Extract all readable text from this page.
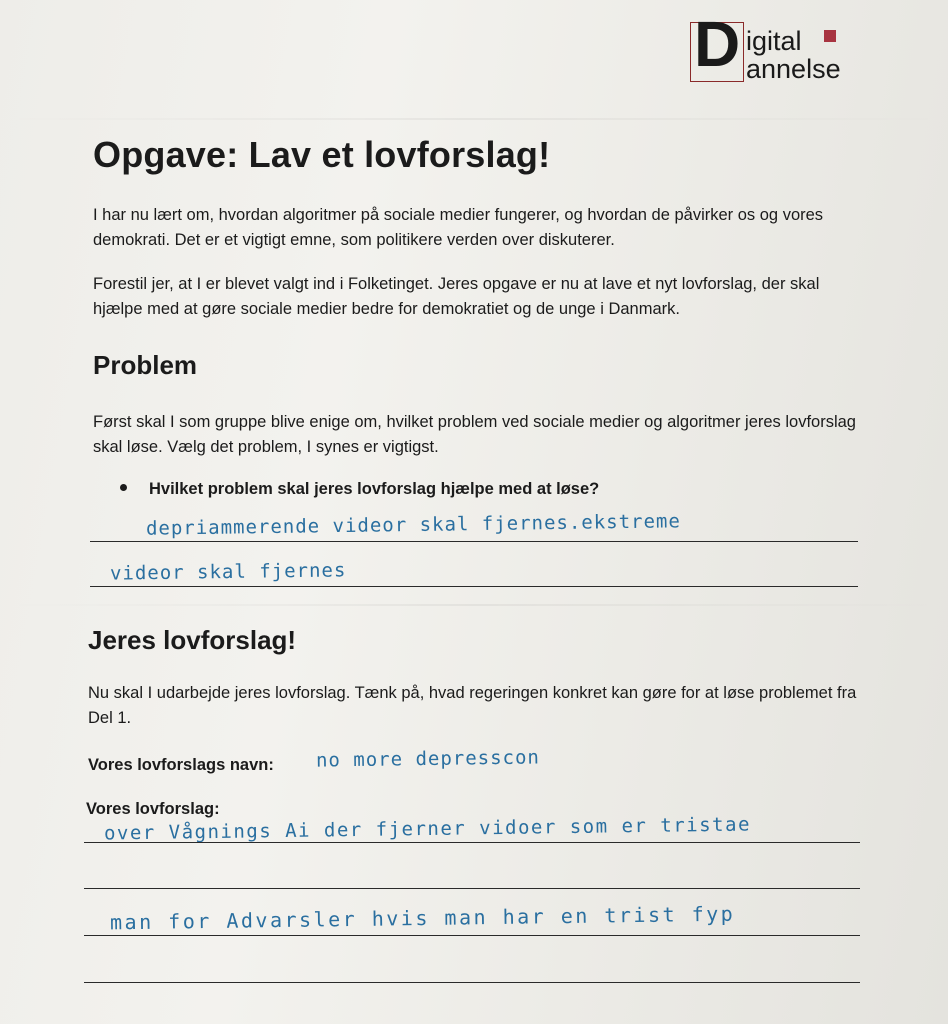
D igital
annelse
Opgave: Lav et lovforslag!

I har nu lært om, hvordan algoritmer på sociale medier fungerer, og hvordan de påvirker os og vores demokrati. Det er et vigtigt emne, som politikere verden over diskuterer.

Forestil jer, at I er blevet valgt ind i Folketinget. Jeres opgave er nu at lave et nyt lovforslag, der skal hjælpe med at gøre sociale medier bedre for demokratiet og de unge i Danmark.

Problem

Først skal I som gruppe blive enige om, hvilket problem ved sociale medier og algoritmer jeres lovforslag skal løse. Vælg det problem, I synes er vigtigst.

Hvilket problem skal jeres lovforslag hjælpe med at løse?
depriammerende videor skal fjernes.ekstreme
videor skal fjernes
Jeres lovforslag!

Nu skal I udarbejde jeres lovforslag. Tænk på, hvad regeringen konkret kan gøre for at løse problemet fra Del 1.

Vores lovforslags navn: no more depresscon
Vores lovforslag:
over Vågnings Ai der fjerner vidoer som er tristae
man for Advarsler hvis man har en trist fyp
